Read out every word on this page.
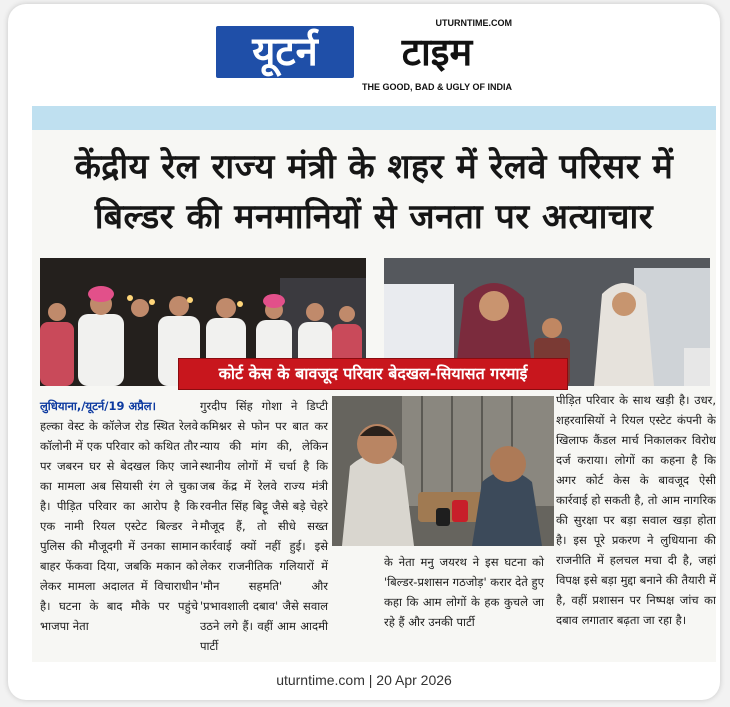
UTURNTIME.COM
यूटर्न	टाइम
THE GOOD, BAD & UGLY OF INDIA
केंद्रीय रेल राज्य मंत्री के शहर में रेलवे परिसर में
बिल्डर की मनमानियों से जनता पर अत्याचार
कोर्ट केस के बावजूद परिवार बेदखल-सियासत गरमाई

लुधियाना,/यूटर्न/19 अप्रैल।

हल्का वेस्ट के कॉलेज रोड स्थित रेलवे कॉलोनी में एक परिवार को कथित तौर पर जबरन घर से बेदखल किए जाने का मामला अब सियासी रंग ले चुका है। पीड़ित परिवार का आरोप है कि एक नामी रियल एस्टेट बिल्डर ने पुलिस की मौजूदगी में उनका सामान बाहर फेंकवा दिया, जबकि मकान को लेकर मामला अदालत में विचाराधीन है। घटना के बाद मौके पर पहुंचे भाजपा नेता

गुरदीप सिंह गोशा ने डिप्टी कमिश्नर से फोन पर बात कर न्याय की मांग की, लेकिन स्थानीय लोगों में चर्चा है कि जब केंद्र में रेलवे राज्य मंत्री रवनीत सिंह बिट्टू जैसे बड़े चेहरे मौजूद हैं, तो सीधे सख्त कार्रवाई क्यों नहीं हुई। इसे लेकर राजनीतिक गलियारों में 'मौन सहमति' और 'प्रभावशाली दबाव' जैसे सवाल उठने लगे हैं। वहीं आम आदमी पार्टी

के नेता मनु जयरथ ने इस घटना को 'बिल्डर-प्रशासन गठजोड़' करार देते हुए कहा कि आम लोगों के हक कुचले जा रहे हैं और उनकी पार्टी

पीड़ित परिवार के साथ खड़ी है। उधर, शहरवासियों ने रियल एस्टेट कंपनी के खिलाफ कैंडल मार्च निकालकर विरोध दर्ज कराया। लोगों का कहना है कि अगर कोर्ट केस के बावजूद ऐसी कार्रवाई हो सकती है, तो आम नागरिक की सुरक्षा पर बड़ा सवाल खड़ा होता है। इस पूरे प्रकरण ने लुधियाना की राजनीति में हलचल मचा दी है, जहां विपक्ष इसे बड़ा मुद्दा बनाने की तैयारी में है, वहीं प्रशासन पर निष्पक्ष जांच का दबाव लगातार बढ़ता जा रहा है।

uturntime.com | 20 Apr 2026
